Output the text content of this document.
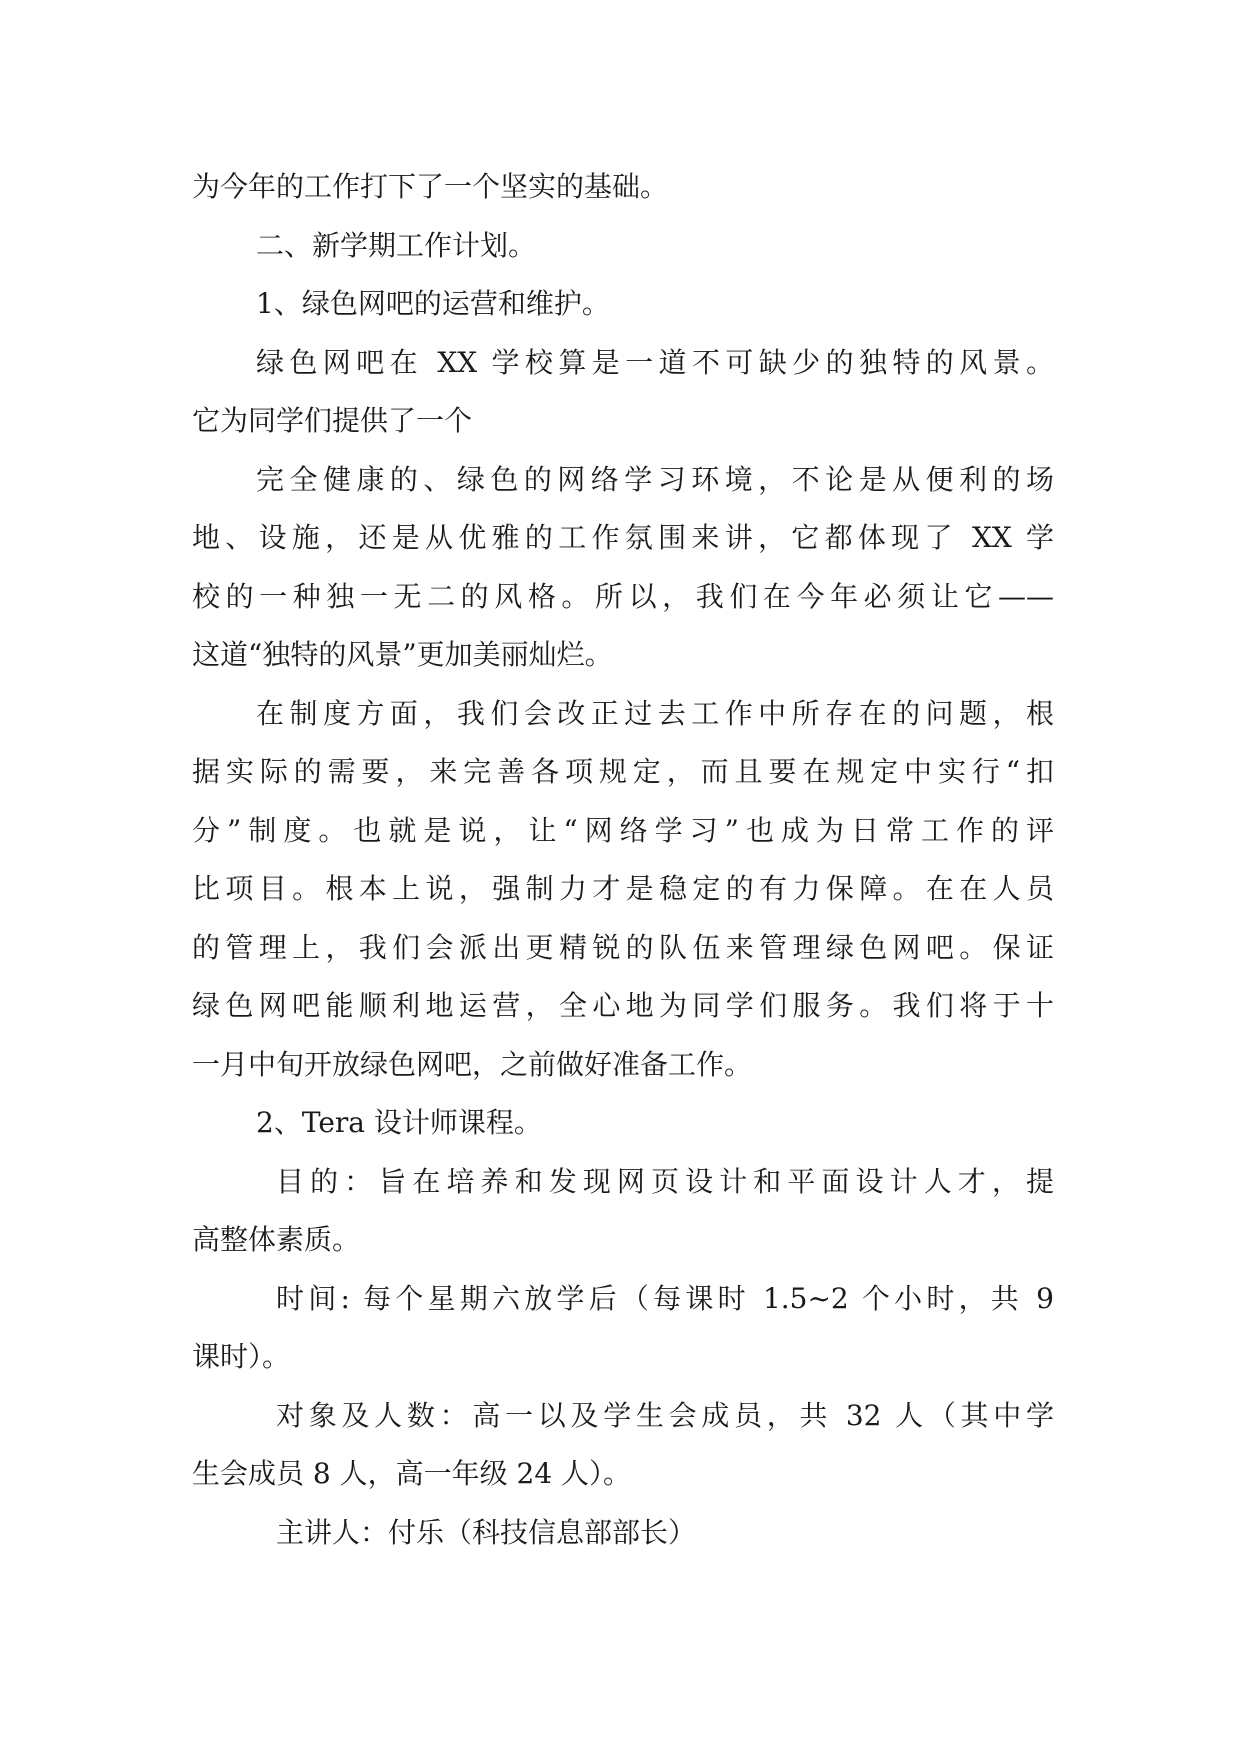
为今年的工作打下了一个坚实的基础。
二、新学期工作计划。
1、绿色网吧的运营和维护。
绿色网吧在 XX 学校算是一道不可缺少的独特的风景。
它为同学们提供了一个
完全健康的、绿色的网络学习环境，不论是从便利的场
地、设施，还是从优雅的工作氛围来讲，它都体现了 XX 学
校的一种独一无二的风格。所以，我们在今年必须让它——
这道“独特的风景”更加美丽灿烂。
在制度方面，我们会改正过去工作中所存在的问题，根
据实际的需要，来完善各项规定，而且要在规定中实行“扣
分”制度。也就是说，让“网络学习”也成为日常工作的评
比项目。根本上说，强制力才是稳定的有力保障。在在人员
的管理上，我们会派出更精锐的队伍来管理绿色网吧。保证
绿色网吧能顺利地运营，全心地为同学们服务。我们将于十
一月中旬开放绿色网吧，之前做好准备工作。
2、Tera 设计师课程。
目的：旨在培养和发现网页设计和平面设计人才，提
高整体素质。
时间: 每个星期六放学后（每课时 1.5~2 个小时，共 9
课时）。
对象及人数：高一以及学生会成员，共 32 人（其中学
生会成员 8 人，高一年级 24 人）。
主讲人：付乐（科技信息部部长）
